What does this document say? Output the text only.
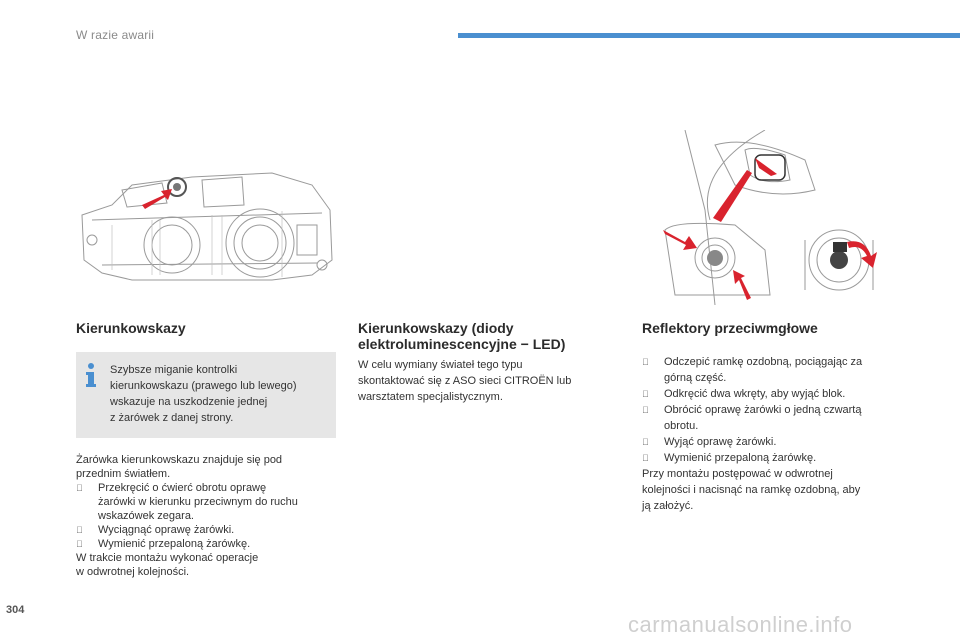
W razie awarii
Kierunkowskazy
Szybsze miganie kontrolki
kierunkowskazu (prawego lub lewego)
wskazuje na uszkodzenie jednej
z żarówek z danej strony.

Żarówka kierunkowskazu znajduje się pod

przednim światłem.

Przekręcić o ćwierć obrotu oprawę

żarówki w kierunku przeciwnym do ruchu

wskazówek zegara.

Wyciągnąć oprawę żarówki.

Wymienić przepaloną żarówkę.

W trakcie montażu wykonać operacje

w odwrotnej kolejności.

Kierunkowskazy (diody
elektroluminescencyjne − LED)

W celu wymiany świateł tego typu

skontaktować się z ASO sieci CITROËN lub

warsztatem specjalistycznym.

Reflektory przeciwmgłowe

Odczepić ramkę ozdobną, pociągając za

górną część.

Odkręcić dwa wkręty, aby wyjąć blok.

Obrócić oprawę żarówki o jedną czwartą

obrotu.

Wyjąć oprawę żarówki.

Wymienić przepaloną żarówkę.

Przy montażu postępować w odwrotnej

kolejności i nacisnąć na ramkę ozdobną, aby

ją założyć.

304
carmanualsonline.info
